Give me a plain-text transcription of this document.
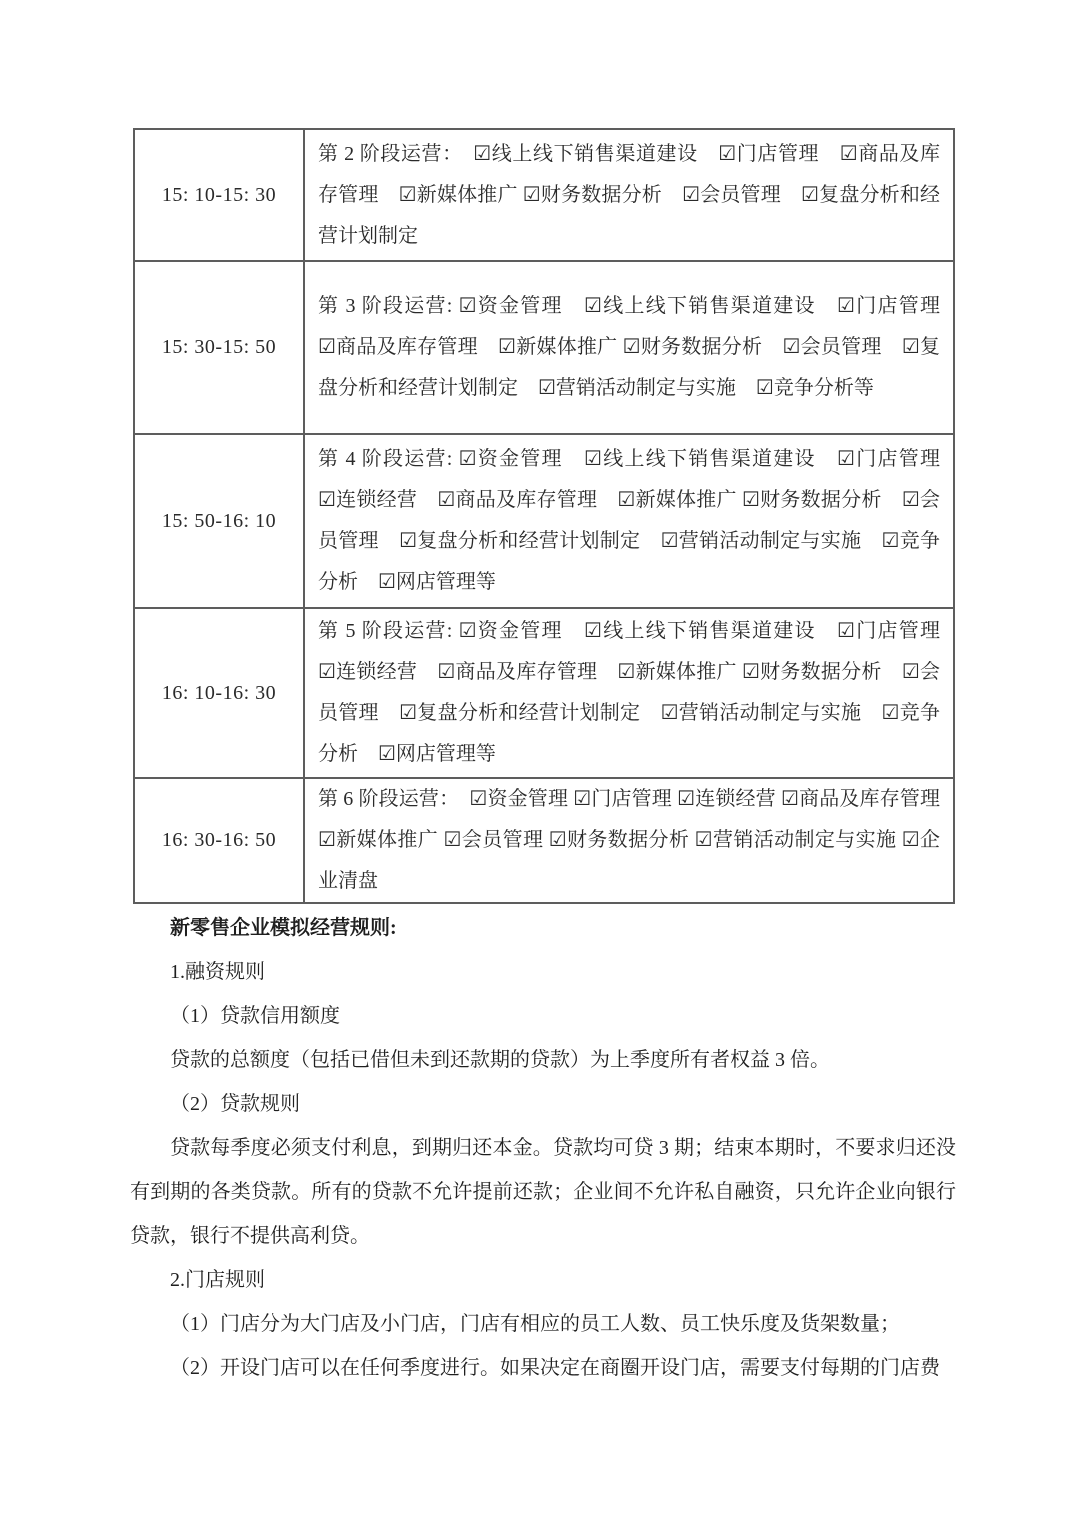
15: 10-15: 30	第 2 阶段运营：　☑线上线下销售渠道建设　☑门店管理　☑商品及库存管理　☑新媒体推广 ☑财务数据分析　☑会员管理　☑复盘分析和经营计划制定
15: 30-15: 50	第 3 阶段运营: ☑资金管理　☑线上线下销售渠道建设　☑门店管理　☑商品及库存管理　☑新媒体推广 ☑财务数据分析　☑会员管理　☑复盘分析和经营计划制定　☑营销活动制定与实施　☑竞争分析等
15: 50-16: 10	第 4 阶段运营: ☑资金管理　☑线上线下销售渠道建设　☑门店管理　☑连锁经营　☑商品及库存管理　☑新媒体推广 ☑财务数据分析　☑会员管理　☑复盘分析和经营计划制定　☑营销活动制定与实施　☑竞争分析　☑网店管理等
16: 10-16: 30	第 5 阶段运营: ☑资金管理　☑线上线下销售渠道建设　☑门店管理　☑连锁经营　☑商品及库存管理　☑新媒体推广 ☑财务数据分析　☑会员管理　☑复盘分析和经营计划制定　☑营销活动制定与实施　☑竞争分析　☑网店管理等
16: 30-16: 50	第 6 阶段运营：　☑资金管理 ☑门店管理 ☑连锁经营 ☑商品及库存管理 ☑新媒体推广 ☑会员管理 ☑财务数据分析 ☑营销活动制定与实施 ☑企业清盘

新零售企业模拟经营规则:

1.融资规则

（1）贷款信用额度

贷款的总额度（包括已借但未到还款期的贷款）为上季度所有者权益 3 倍。

（2）贷款规则

贷款每季度必须支付利息，到期归还本金。贷款均可贷 3 期；结束本期时，不要求归还没有到期的各类贷款。所有的贷款不允许提前还款；企业间不允许私自融资，只允许企业向银行贷款，银行不提供高利贷。

2.门店规则

（1）门店分为大门店及小门店，门店有相应的员工人数、员工快乐度及货架数量；

（2）开设门店可以在任何季度进行。如果决定在商圈开设门店，需要支付每期的门店费
